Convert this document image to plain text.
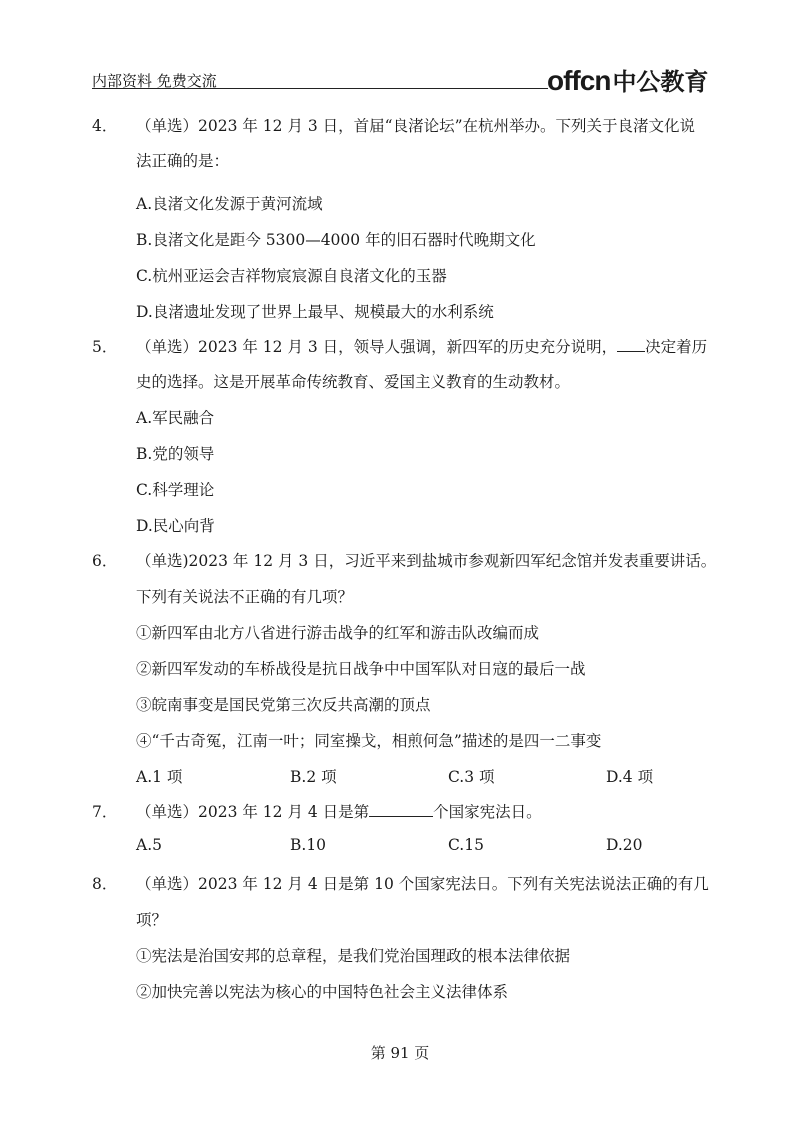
内部资料 免费交流	offcn中公教育
4． （单选）2023 年 12 月 3 日，首届“良渚论坛”在杭州举办。下列关于良渚文化说
法正确的是：
A.良渚文化发源于黄河流域
B.良渚文化是距今 5300—4000 年的旧石器时代晚期文化
C.杭州亚运会吉祥物宸宸源自良渚文化的玉器
D.良渚遗址发现了世界上最早、规模最大的水利系统
5． （单选）2023 年 12 月 3 日，领导人强调，新四军的历史充分说明， 决定着历
史的选择。这是开展革命传统教育、爱国主义教育的生动教材。
A.军民融合
B.党的领导
C.科学理论
D.民心向背
6． （单选)2023 年 12 月 3 日，习近平来到盐城市参观新四军纪念馆并发表重要讲话。
下列有关说法不正确的有几项？
①新四军由北方八省进行游击战争的红军和游击队改编而成
②新四军发动的车桥战役是抗日战争中中国军队对日寇的最后一战
③皖南事变是国民党第三次反共高潮的顶点
④“千古奇冤，江南一叶；同室操戈，相煎何急”描述的是四一二事变
A.1 项	B.2 项	C.3 项	D.4 项
7． （单选）2023 年 12 月 4 日是第	个国家宪法日。
A.5	B.10	C.15	D.20
8． （单选）2023 年 12 月 4 日是第 10 个国家宪法日。下列有关宪法说法正确的有几
项？
①宪法是治国安邦的总章程，是我们党治国理政的根本法律依据
②加快完善以宪法为核心的中国特色社会主义法律体系
第 91 页
